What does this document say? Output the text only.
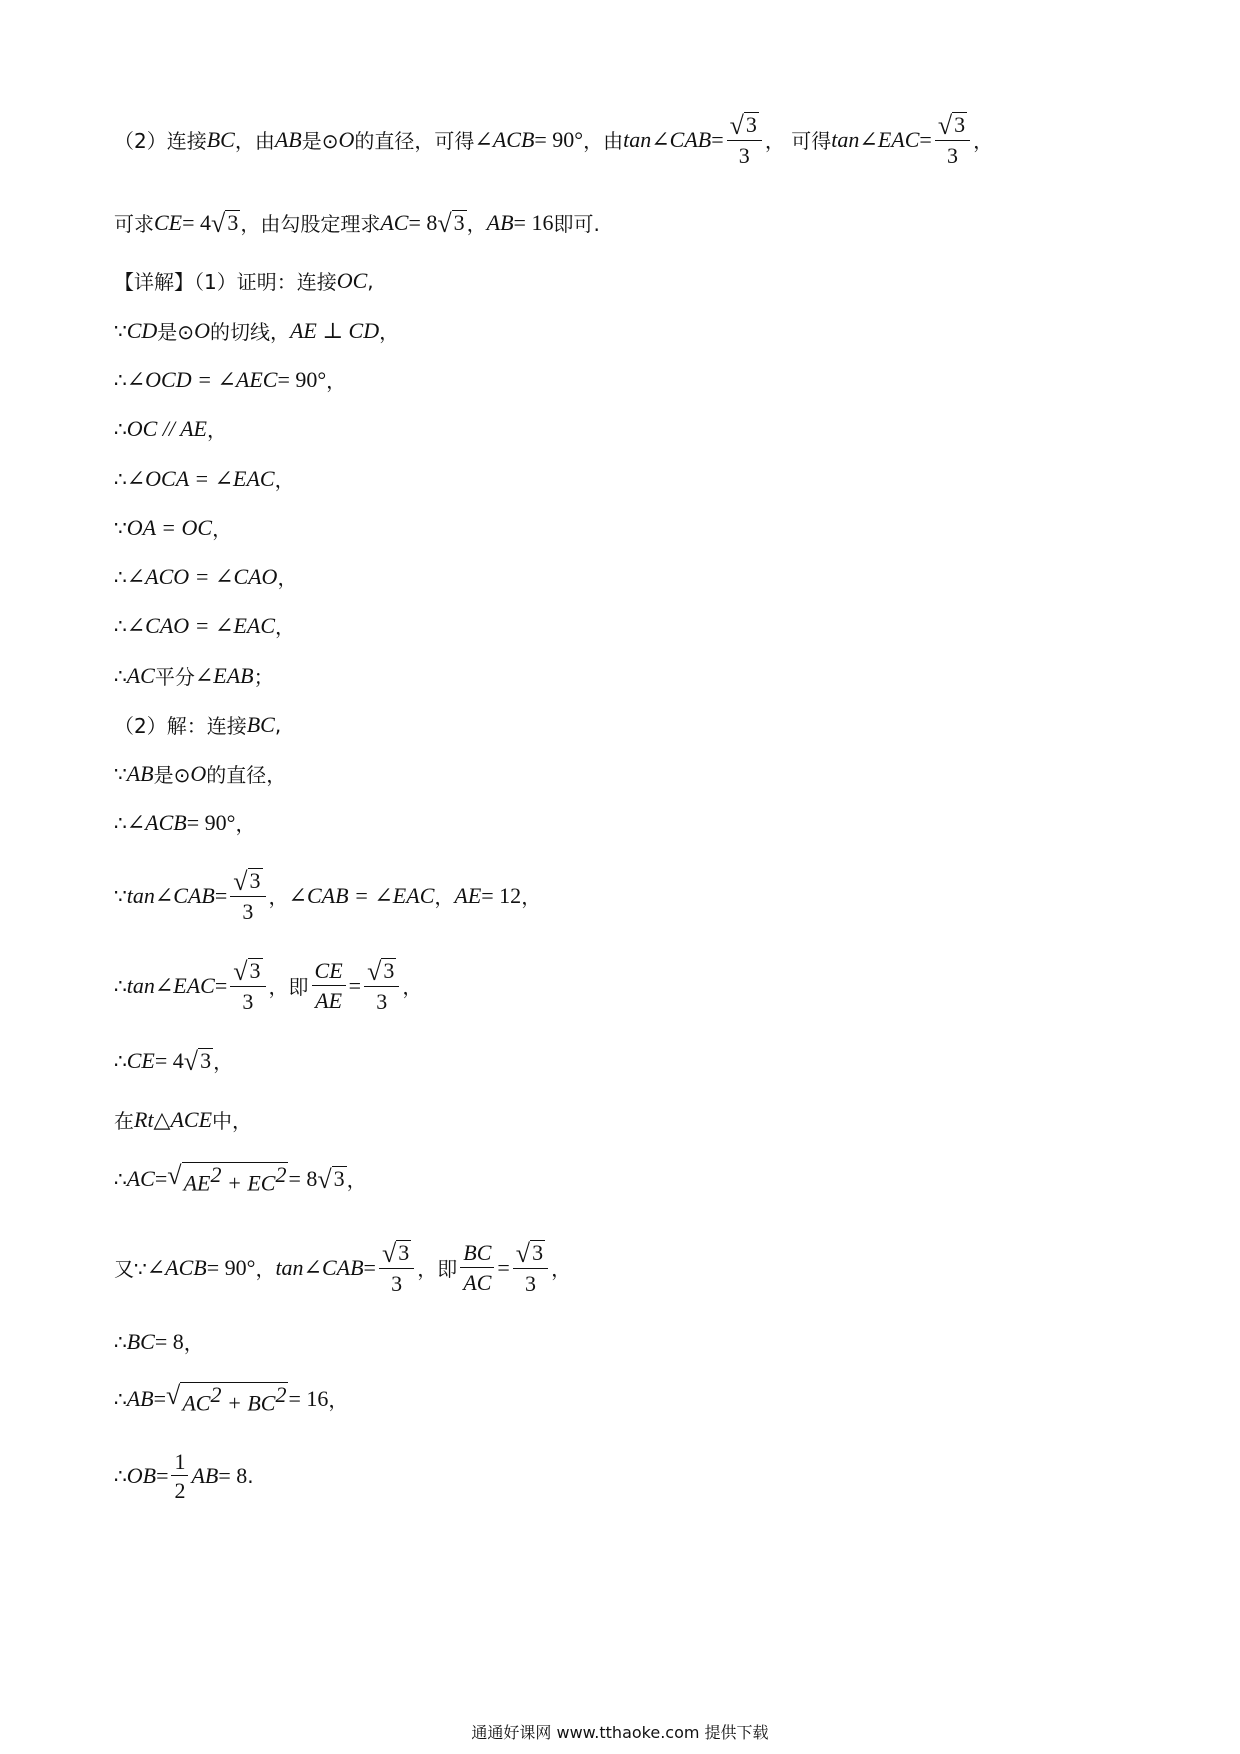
（2）连接 BC ，由 AB 是⊙ O 的直径，可得 ∠ACB = 90° ，由 tan∠CAB = $\frac{√ 3}{3}$ ， 可得 tan∠EAC = $\frac{√ 3}{3}$ ，
可求 CE = 4 √ 3 ，由勾股定理求 AC = 8 √ 3 ， AB = 16 即可.
【详解】（1）证明：连接 OC ,
∵ CD 是⊙ O 的切线， AE ⊥ CD ，
∴ ∠OCD = ∠AEC = 90° ，
∴ OC // AE ，
∴ ∠OCA = ∠EAC ，
∵ OA = OC ，
∴ ∠ACO = ∠CAO ，
∴ ∠CAO = ∠EAC ，
∴ AC 平分 ∠EAB ；
（2）解：连接 BC ,
∵ AB 是⊙ O 的直径，
∴ ∠ACB = 90° ，
∵ tan∠CAB = $\frac{√ 3}{3}$ ， ∠CAB = ∠EAC ， AE = 12 ，
∴ tan∠EAC = $\frac{√ 3}{3}$ ，即 $\frac{CE}{AE} = \frac{√ 3}{3}$ ，
∴ CE = 4 √ 3 ，
在 Rt△ACE 中，
∴ AC = √ $AE^2 + EC^2 = 8$ √ 3 ，
又∵ ∠ACB = 90° ， tan∠CAB = $\frac{√ 3}{3}$ ，即 $\frac{BC}{AC} = \frac{√ 3}{3}$ ，
∴ BC = 8 ，
∴ AB = √ $AC^2 + BC^2 = 16$ ，
∴ OB = $\frac{1}{2}$ AB = 8 .
通通好课网 www.tthaoke.com 提供下载
